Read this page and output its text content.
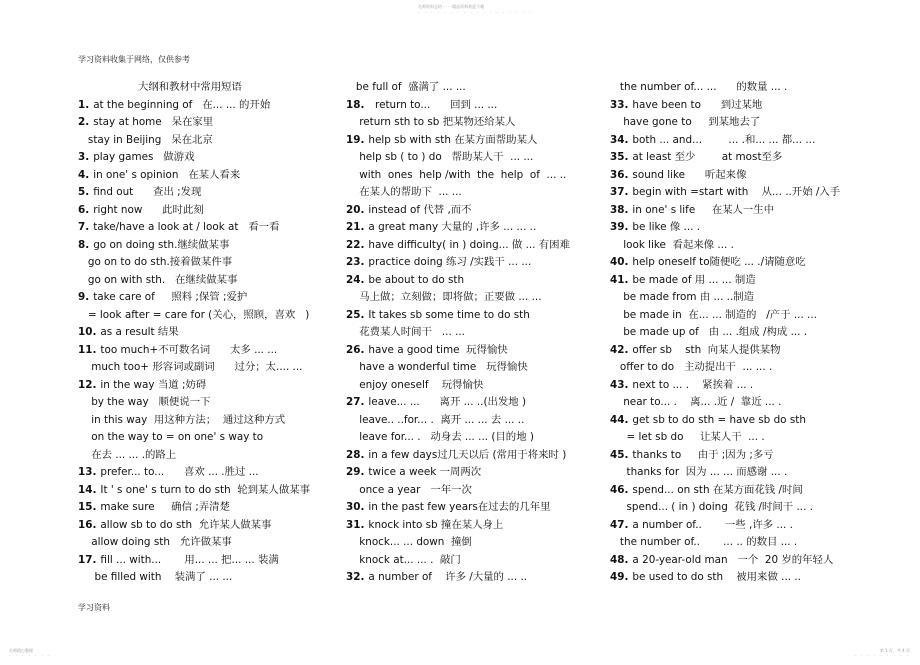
名师资料总结 · · · ·精品资料欢迎下载
· · · · · · · · · · · · · · · · · ·
学习资料收集于网络，仅供参考
大纲和教材中常用短语
1. at the beginning of   在... ... 的开始
2. stay at home   呆在家里
stay in Beijing   呆在北京
3. play games   做游戏
4. in one' s opinion   在某人看来
5. find out      查出 ;发现
6. right now      此时此刻
7. take/have a look at / look at   看一看
8. go on doing sth.继续做某事
go on to do sth.接着做某件事
go on with sth.   在继续做某事
9. take care of     照料 ;保管 ;爱护
= look after = care for (关心，照顾，喜欢   )
10. as a result 结果
11. too much+不可数名词      太多 ... ...
much too+ 形容词或副词      过分；太.... ...
12. in the way 当道 ;妨碍
by the way   顺便说一下
in this way  用这种方法；  通过这种方式
on the way to = on one' s way to
在去 ... ... .的路上
13. prefer... to...      喜欢 ... .胜过 ...
14. It ' s one' s turn to do sth  轮到某人做某事
15. make sure     确信 ;弄清楚
16. allow sb to do sth  允许某人做某事
allow doing sth   允许做某事
17. fill ... with...       用... ... 把... ... 装满
be filled with    装满了 ... ...
be full of  盛满了 ... ...
18. return to...      回到 ... ...
return sth to sb 把某物还给某人
19. help sb with sth 在某方面帮助某人
help sb ( to ) do   帮助某人干  ... ...
with  ones  help /with  the  help  of  ... ..
在某人的帮助下  ... ...
20. instead of 代替 ,而不
21. a great many 大量的 ,许多 ... ... ..
22. have difficulty( in ) doing... 做 ... 有困难
23. practice doing 练习 /实践干 ... ...
24. be about to do sth
马上做；立刻做；即将做；正要做 ... ...
25. It takes sb some time to do sth
花费某人时间干   ... ...
26. have a good time  玩得愉快
have a wonderful time   玩得愉快
enjoy oneself    玩得愉快
27. leave... ...      离开 ... ..(出发地 )
leave.. ..for... .  离开 ... ... 去 ... ..
leave for... .   动身去 ... ... (目的地 )
28. in a few days过几天以后 (常用于将来时 )
29. twice a week 一周两次
once a year   一年一次
30. in the past few years在过去的几年里
31. knock into sb 撞在某人身上
knock... ... down  撞倒
knock at... ... .  敲门
32. a number of    许多 /大量的 ... ..
the number of... ...      的数量 ... .
33. have been to      到过某地
have gone to     到某地去了
34. both ... and...        ... .和... ... 都... ...
35. at least 至少        at most至多
36. sound like      听起来像
37. begin with =start with    从... ..开始 /入手
38. in one' s life     在某人一生中
39. be like 像 ... .
look like  看起来像 ... .
40. help oneself to随便吃 ... ./请随意吃
41. be made of 用 ... ... 制造
be made from 由 ... ..制造
be made in  在... ... 制造的   /产于 ... ...
be made up of   由 ... .组成 /构成 ... .
42. offer sb    sth  向某人提供某物
offer to do   主动提出干  ... ... .
43. next to ... .    紧挨着 ... .
near to... .    离... .近 /  靠近 ... .
44. get sb to do sth = have sb do sth
= let sb do     让某人干  ... .
45. thanks to     由于 ;因为 ;多亏
thanks for  因为 ... ... 而感谢 ... .
46. spend... on sth 在某方面花钱 /时间
spend... ( in ) doing  花钱 /时间干 ... .
47. a number of..       一些 ,许多 ... .
the number of..       ... .. 的数目 ... .
48. a 20-year-old man   一个  20 岁的年轻人
49. be used to do sth    被用来做 ... ..
学习资料
名师精心整理
· · · · · · ·
第 1 页，共 4 页
· · · · · · · · ·
